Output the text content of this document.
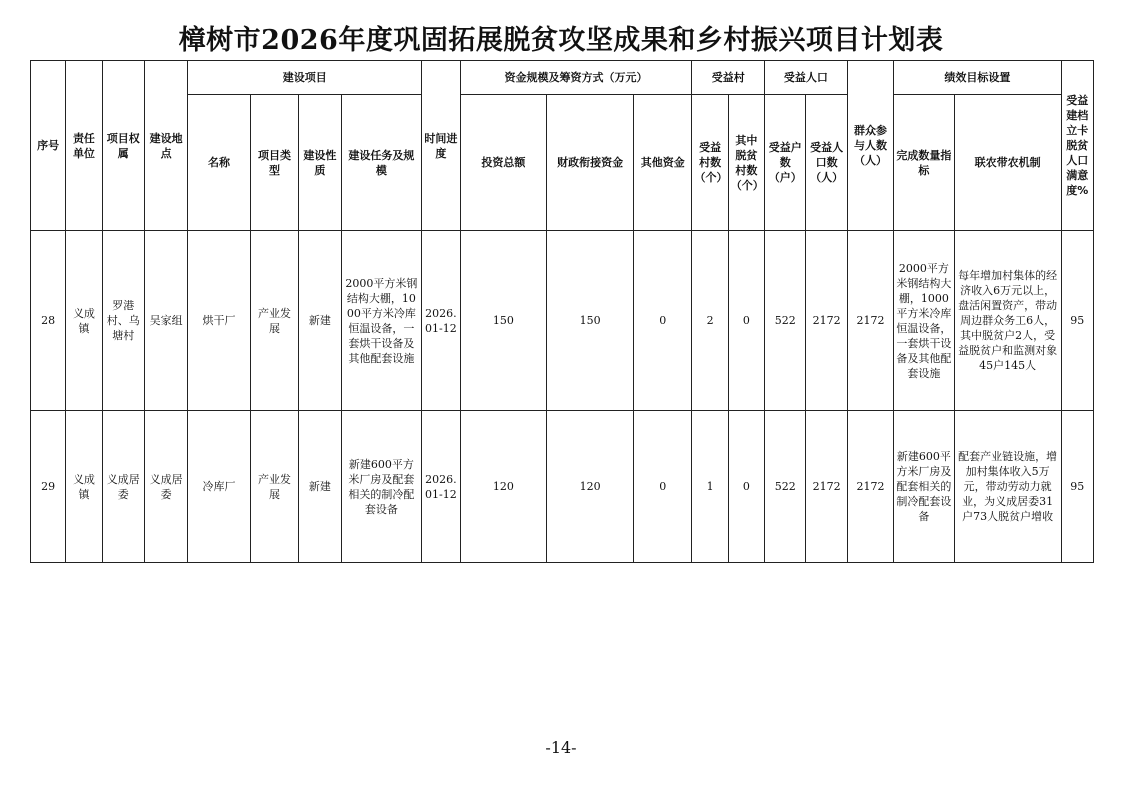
樟树市2026年度巩固拓展脱贫攻坚成果和乡村振兴项目计划表
序号	责任单位	项目权属	建设地点	建设项目				时间进度	资金规模及筹资方式（万元）			受益村		受益人口		群众参与人数（人）	绩效目标设置		受益建档立卡脱贫人口满意度%
				名称	项目类型	建设性质	建设任务及规模		投资总额	财政衔接资金	其他资金	受益村数（个）	其中脱贫村数（个）	受益户数（户）	受益人口数（人）		完成数量指标	联农带农机制	
28	义成镇	罗港村、乌塘村	吴家组	烘干厂	产业发展	新建	2000平方米钢结构大棚，1000平方米冷库恒温设备，一套烘干设备及其他配套设施	2026.01-12	150	150	0	2	0	522	2172	2172	2000平方米钢结构大棚，1000平方米冷库恒温设备，一套烘干设备及其他配套设施	每年增加村集体的经济收入6万元以上，盘活闲置资产，带动周边群众务工6人，其中脱贫户2人，受益脱贫户和监测对象45户145人	95
29	义成镇	义成居委	义成居委	冷库厂	产业发展	新建	新建600平方米厂房及配套相关的制冷配套设备	2026.01-12	120	120	0	1	0	522	2172	2172	新建600平方米厂房及配套相关的制冷配套设备	配套产业链设施，增加村集体收入5万元，带动劳动力就业，为义成居委31户73人脱贫户增收	95
-14-
